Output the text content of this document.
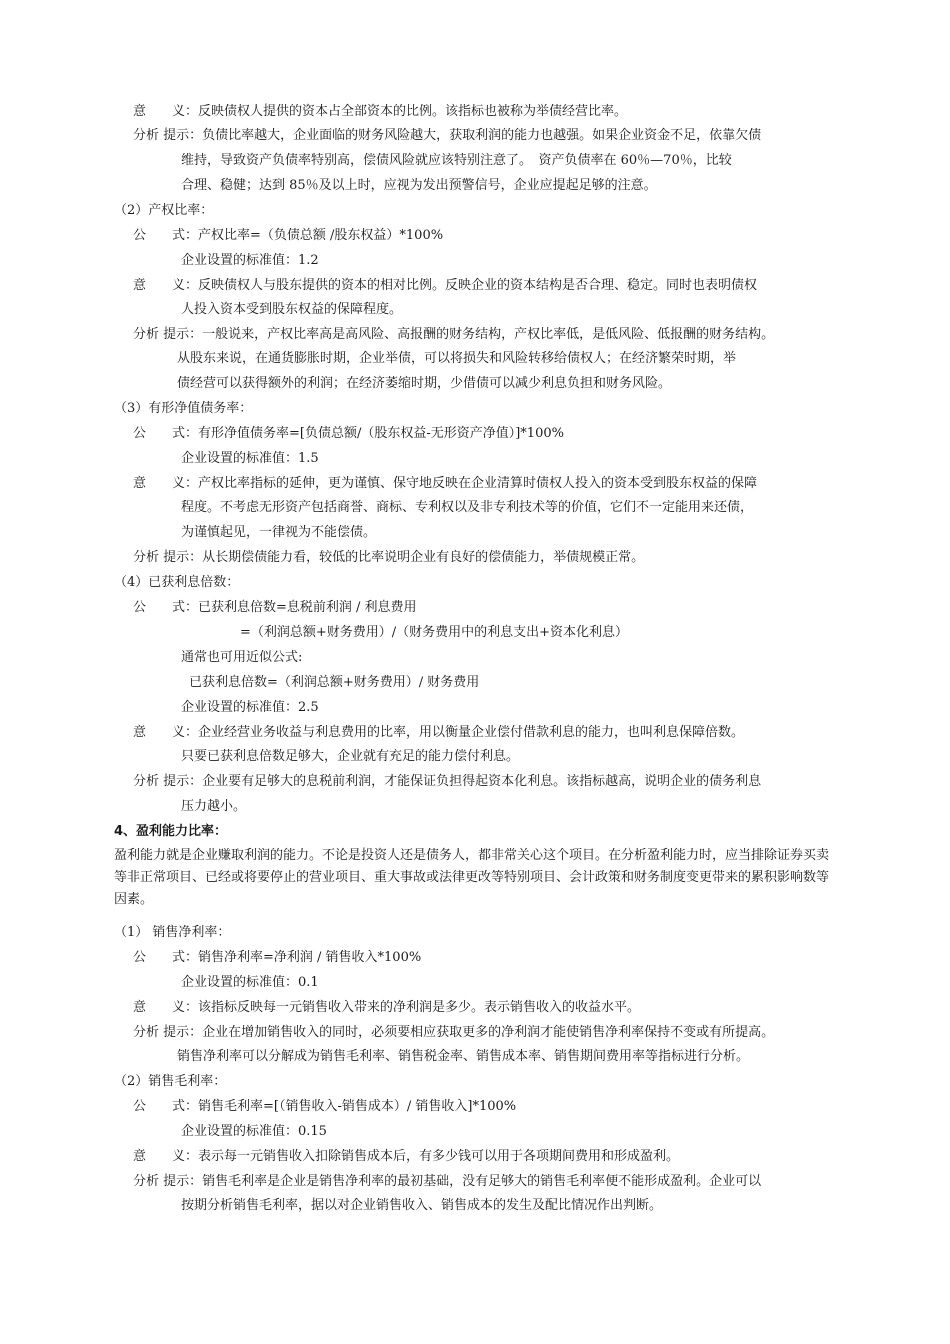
意　　义：反映债权人提供的资本占全部资本的比例。该指标也被称为举债经营比率。
分析 提示：负债比率越大，企业面临的财务风险越大，获取利润的能力也越强。如果企业资金不足，依靠欠债
维持，导致资产负债率特别高，偿债风险就应该特别注意了。　资产负债率在 60％—70％，比较
合理、稳健；达到 85％及以上时，应视为发出预警信号，企业应提起足够的注意。
（2）产权比率：
公　　式：产权比率=（负债总额 /股东权益）*100%
企业设置的标准值：1.2
意　　义：反映债权人与股东提供的资本的相对比例。反映企业的资本结构是否合理、稳定。同时也表明债权
人投入资本受到股东权益的保障程度。
分析 提示：一般说来，产权比率高是高风险、高报酬的财务结构，产权比率低，是低风险、低报酬的财务结构。
从股东来说，在通货膨胀时期，企业举债，可以将损失和风险转移给债权人；在经济繁荣时期，举
债经营可以获得额外的利润；在经济萎缩时期，少借债可以减少利息负担和财务风险。
（3）有形净值债务率：
公　　式：有形净值债务率=[负债总额/（股东权益-无形资产净值）]*100%
企业设置的标准值：1.5
意　　义：产权比率指标的延伸，更为谨慎、保守地反映在企业清算时债权人投入的资本受到股东权益的保障
程度。不考虑无形资产包括商誉、商标、专利权以及非专利技术等的价值，它们不一定能用来还债，
为谨慎起见，一律视为不能偿债。
分析 提示：从长期偿债能力看，较低的比率说明企业有良好的偿债能力，举债规模正常。
（4）已获利息倍数：
公　　式：已获利息倍数=息税前利润 / 利息费用
=（利润总额+财务费用）/（财务费用中的利息支出+资本化利息）
通常也可用近似公式:
已获利息倍数=（利润总额+财务费用）/ 财务费用
企业设置的标准值：2.5
意　　义：企业经营业务收益与利息费用的比率，用以衡量企业偿付借款利息的能力，也叫利息保障倍数。
只要已获利息倍数足够大，企业就有充足的能力偿付利息。
分析 提示：企业要有足够大的息税前利润，才能保证负担得起资本化利息。该指标越高，说明企业的债务利息
压力越小。
4、盈利能力比率：
盈利能力就是企业赚取利润的能力。不论是投资人还是债务人，都非常关心这个项目。在分析盈利能力时，应当排除证券买卖等非正常项目、已经或将要停止的营业项目、重大事故或法律更改等特别项目、会计政策和财务制度变更带来的累积影响数等因素。
（1） 销售净利率：
公　　式：销售净利率=净利润 / 销售收入*100%
企业设置的标准值：0.1
意　　义：该指标反映每一元销售收入带来的净利润是多少。表示销售收入的收益水平。
分析 提示：企业在增加销售收入的同时，必须要相应获取更多的净利润才能使销售净利率保持不变或有所提高。
销售净利率可以分解成为销售毛利率、销售税金率、销售成本率、销售期间费用率等指标进行分析。
（2）销售毛利率：
公　　式：销售毛利率=[（销售收入-销售成本）/ 销售收入]*100%
企业设置的标准值：0.15
意　　义：表示每一元销售收入扣除销售成本后，有多少钱可以用于各项期间费用和形成盈利。
分析 提示：销售毛利率是企业是销售净利率的最初基础，没有足够大的销售毛利率便不能形成盈利。企业可以
按期分析销售毛利率，据以对企业销售收入、销售成本的发生及配比情况作出判断。
